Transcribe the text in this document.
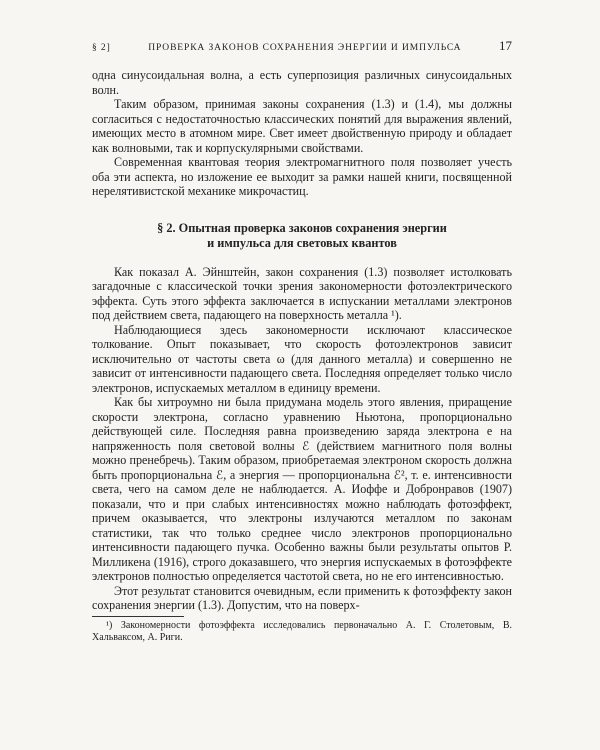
§ 2]	ПРОВЕРКА ЗАКОНОВ СОХРАНЕНИЯ ЭНЕРГИИ И ИМПУЛЬСА	17

одна синусоидальная волна, а есть суперпозиция различных синусоидальных волн.

Таким образом, принимая законы сохранения (1.3) и (1.4), мы должны согласиться с недостаточностью классических понятий для выражения явлений, имеющих место в атомном мире. Свет имеет двойственную природу и обладает как волновыми, так и корпускулярными свойствами.

Современная квантовая теория электромагнитного поля позволяет учесть оба эти аспекта, но изложение ее выходит за рамки нашей книги, посвященной нерелятивистской механике микрочастиц.

§ 2. Опытная проверка законов сохранения энергии
и импульса для световых квантов

Как показал А. Эйнштейн, закон сохранения (1.3) позволяет истолковать загадочные с классической точки зрения закономерности фотоэлектрического эффекта. Суть этого эффекта заключается в испускании металлами электронов под действием света, падающего на поверхность металла ¹).

Наблюдающиеся здесь закономерности исключают классическое толкование. Опыт показывает, что скорость фотоэлектронов зависит исключительно от частоты света ω (для данного металла) и совершенно не зависит от интенсивности падающего света. Последняя определяет только число электронов, испускаемых металлом в единицу времени.

Как бы хитроумно ни была придумана модель этого явления, приращение скорости электрона, согласно уравнению Ньютона, пропорционально действующей силе. Последняя равна произведению заряда электрона e на напряженность поля световой волны ℰ (действием магнитного поля волны можно пренебречь). Таким образом, приобретаемая электроном скорость должна быть пропорциональна ℰ, а энергия — пропорциональна ℰ², т. е. интенсивности света, чего на самом деле не наблюдается. А. Иоффе и Добронравов (1907) показали, что и при слабых интенсивностях можно наблюдать фотоэффект, причем оказывается, что электроны излучаются металлом по законам статистики, так что только среднее число электронов пропорционально интенсивности падающего пучка. Особенно важны были результаты опытов Р. Милликена (1916), строго доказавшего, что энергия испускаемых в фотоэффекте электронов полностью определяется частотой света, но не его интенсивностью.

Этот результат становится очевидным, если применить к фотоэффекту закон сохранения энергии (1.3). Допустим, что на поверх-

¹) Закономерности фотоэффекта исследовались первоначально А. Г. Столетовым, В. Хальваксом, А. Риги.
